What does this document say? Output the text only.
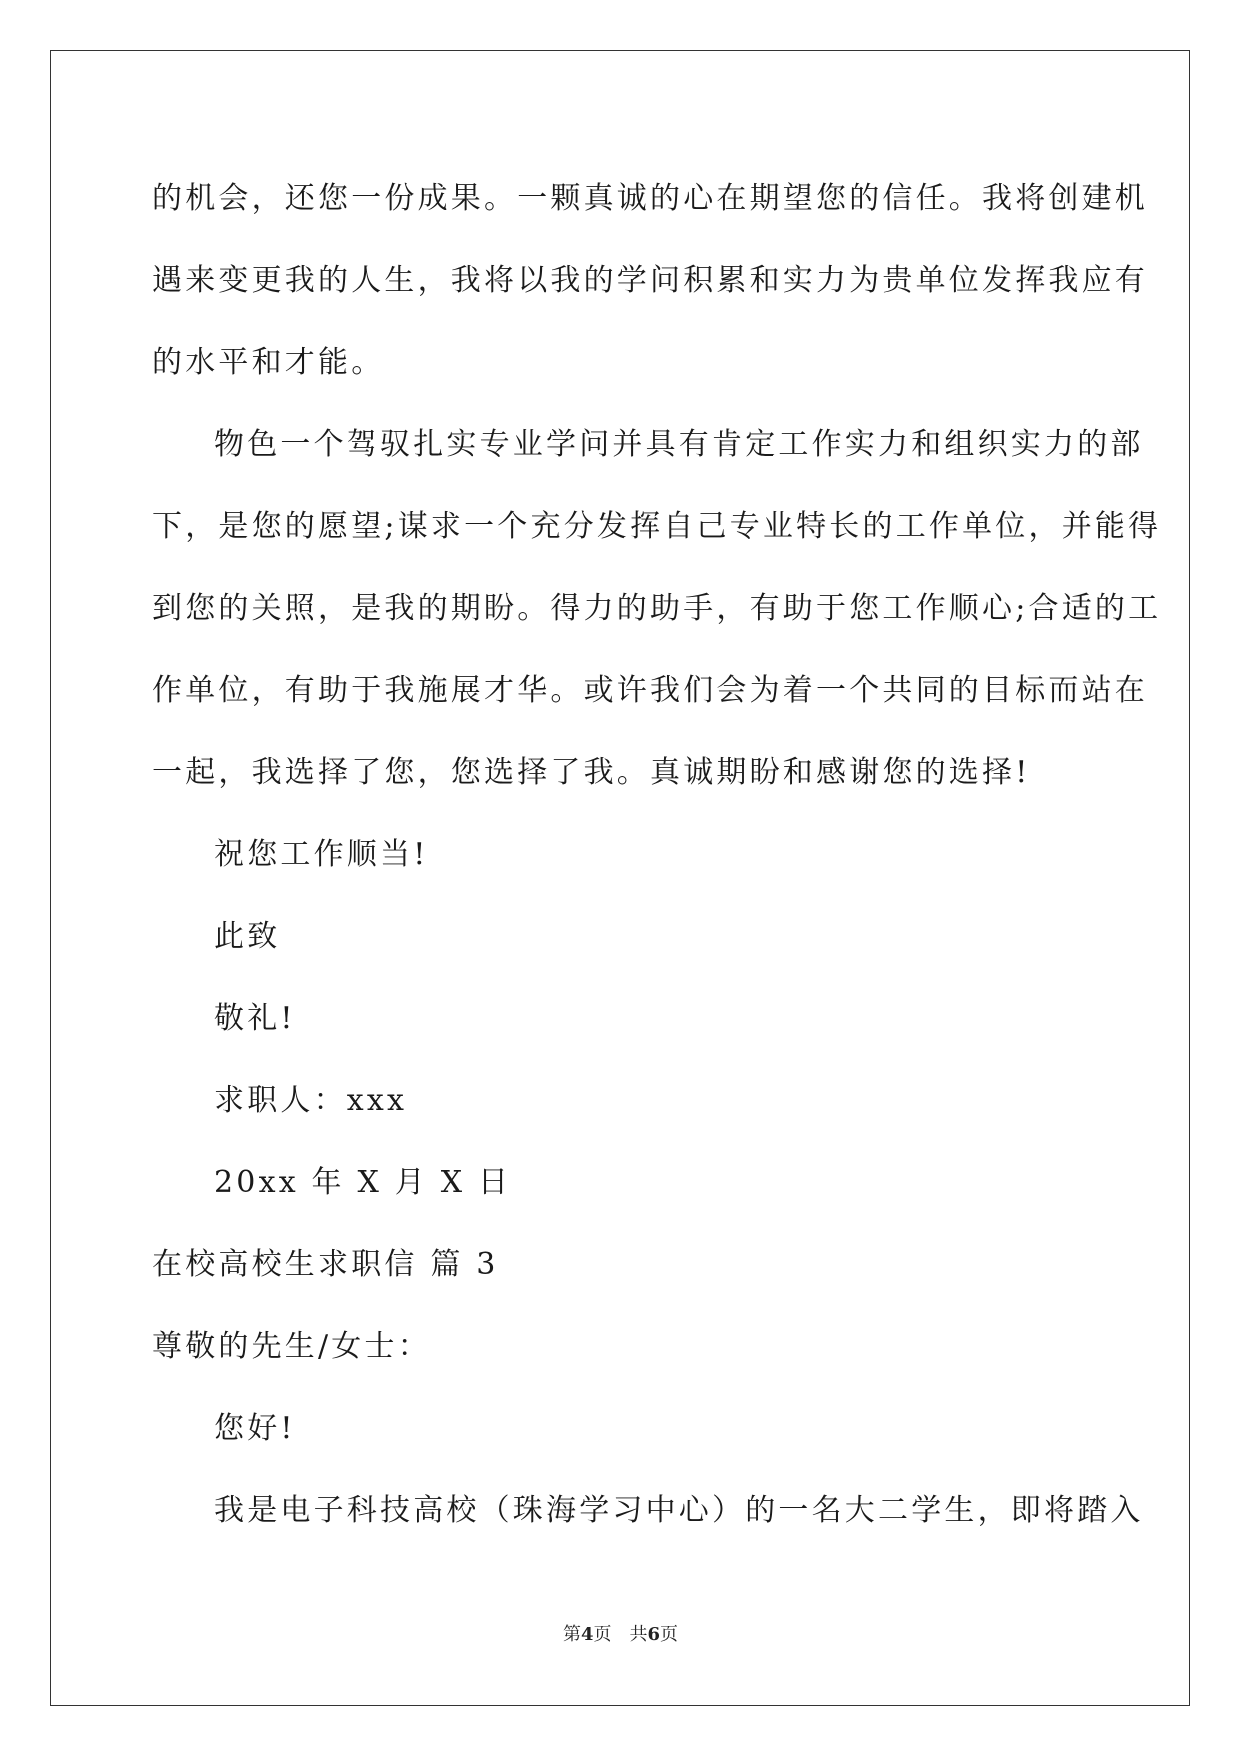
的机会，还您一份成果。一颗真诚的心在期望您的信任。我将创建机
遇来变更我的人生，我将以我的学问积累和实力为贵单位发挥我应有
的水平和才能。
物色一个驾驭扎实专业学问并具有肯定工作实力和组织实力的部
下，是您的愿望;谋求一个充分发挥自己专业特长的工作单位，并能得
到您的关照，是我的期盼。得力的助手，有助于您工作顺心;合适的工
作单位，有助于我施展才华。或许我们会为着一个共同的目标而站在
一起，我选择了您，您选择了我。真诚期盼和感谢您的选择!
祝您工作顺当!
此致
敬礼!
求职人：xxx
20xx 年 X 月 X 日
在校高校生求职信 篇 3
尊敬的先生/女士：
您好!
我是电子科技高校（珠海学习中心）的一名大二学生，即将踏入
第4页　共6页
